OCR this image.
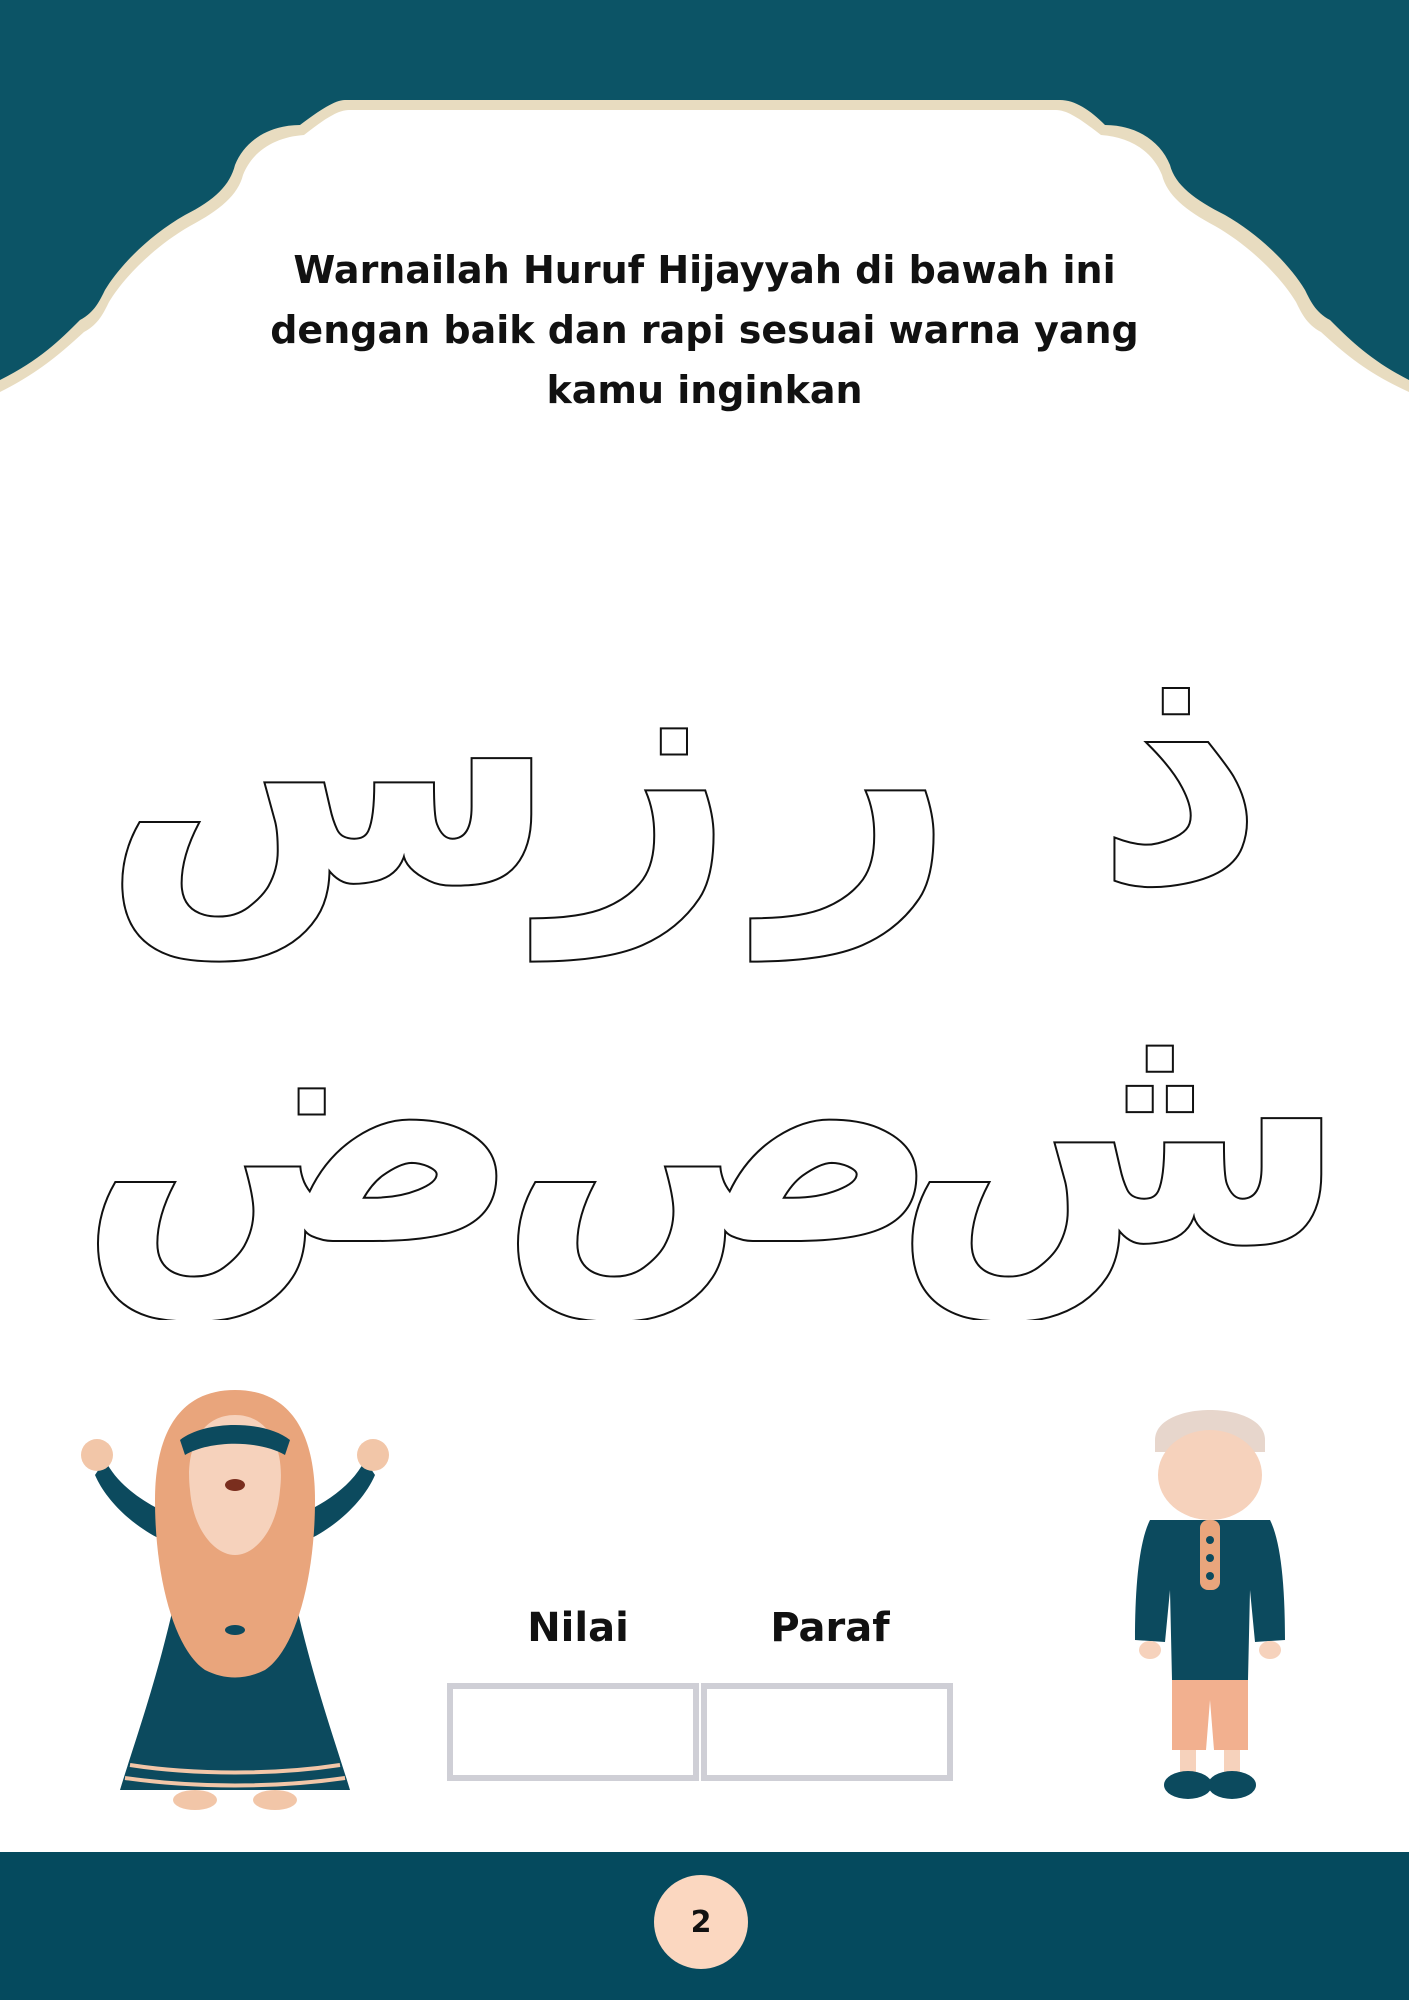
Warnailah Huruf Hijayyah di bawah ini dengan baik dan rapi sesuai warna yang kamu inginkan

س
ز ر ذ
ض
ص
ش
Nilai	Paraf
2
